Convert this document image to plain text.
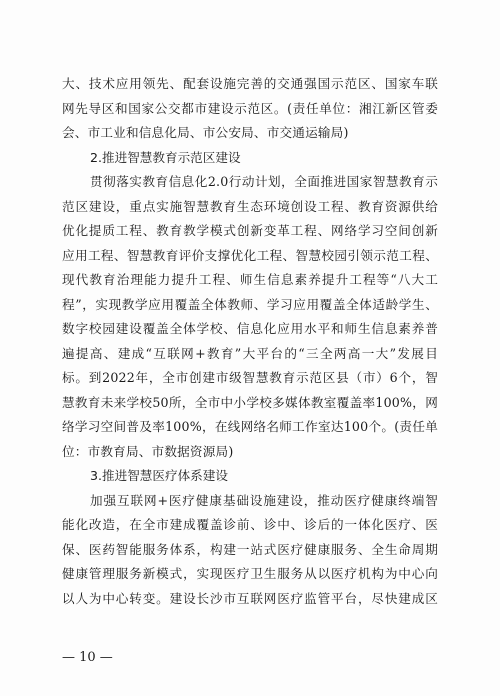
大、技术应用领先、配套设施完善的交通强国示范区、国家车联
网先导区和国家公交都市建设示范区。(责任单位：湘江新区管委
会、市工业和信息化局、市公安局、市交通运输局)
2.推进智慧教育示范区建设
贯彻落实教育信息化2.0行动计划，全面推进国家智慧教育示
范区建设，重点实施智慧教育生态环境创设工程、教育资源供给
优化提质工程、教育教学模式创新变革工程、网络学习空间创新
应用工程、智慧教育评价支撑优化工程、智慧校园引领示范工程、
现代教育治理能力提升工程、师生信息素养提升工程等“八大工
程”，实现教学应用覆盖全体教师、学习应用覆盖全体适龄学生、
数字校园建设覆盖全体学校、信息化应用水平和师生信息素养普
遍提高、建成“互联网+教育”大平台的“三全两高一大”发展目
标。到2022年，全市创建市级智慧教育示范区县（市）6个，智
慧教育未来学校50所，全市中小学校多媒体教室覆盖率100%，网
络学习空间普及率100%，在线网络名师工作室达100个。(责任单
位：市教育局、市数据资源局)
3.推进智慧医疗体系建设
加强互联网+医疗健康基础设施建设，推动医疗健康终端智
能化改造，在全市建成覆盖诊前、诊中、诊后的一体化医疗、医
保、医药智能服务体系，构建一站式医疗健康服务、全生命周期
健康管理服务新模式，实现医疗卫生服务从以医疗机构为中心向
以人为中心转变。建设长沙市互联网医疗监管平台，尽快建成区
— 10 —
